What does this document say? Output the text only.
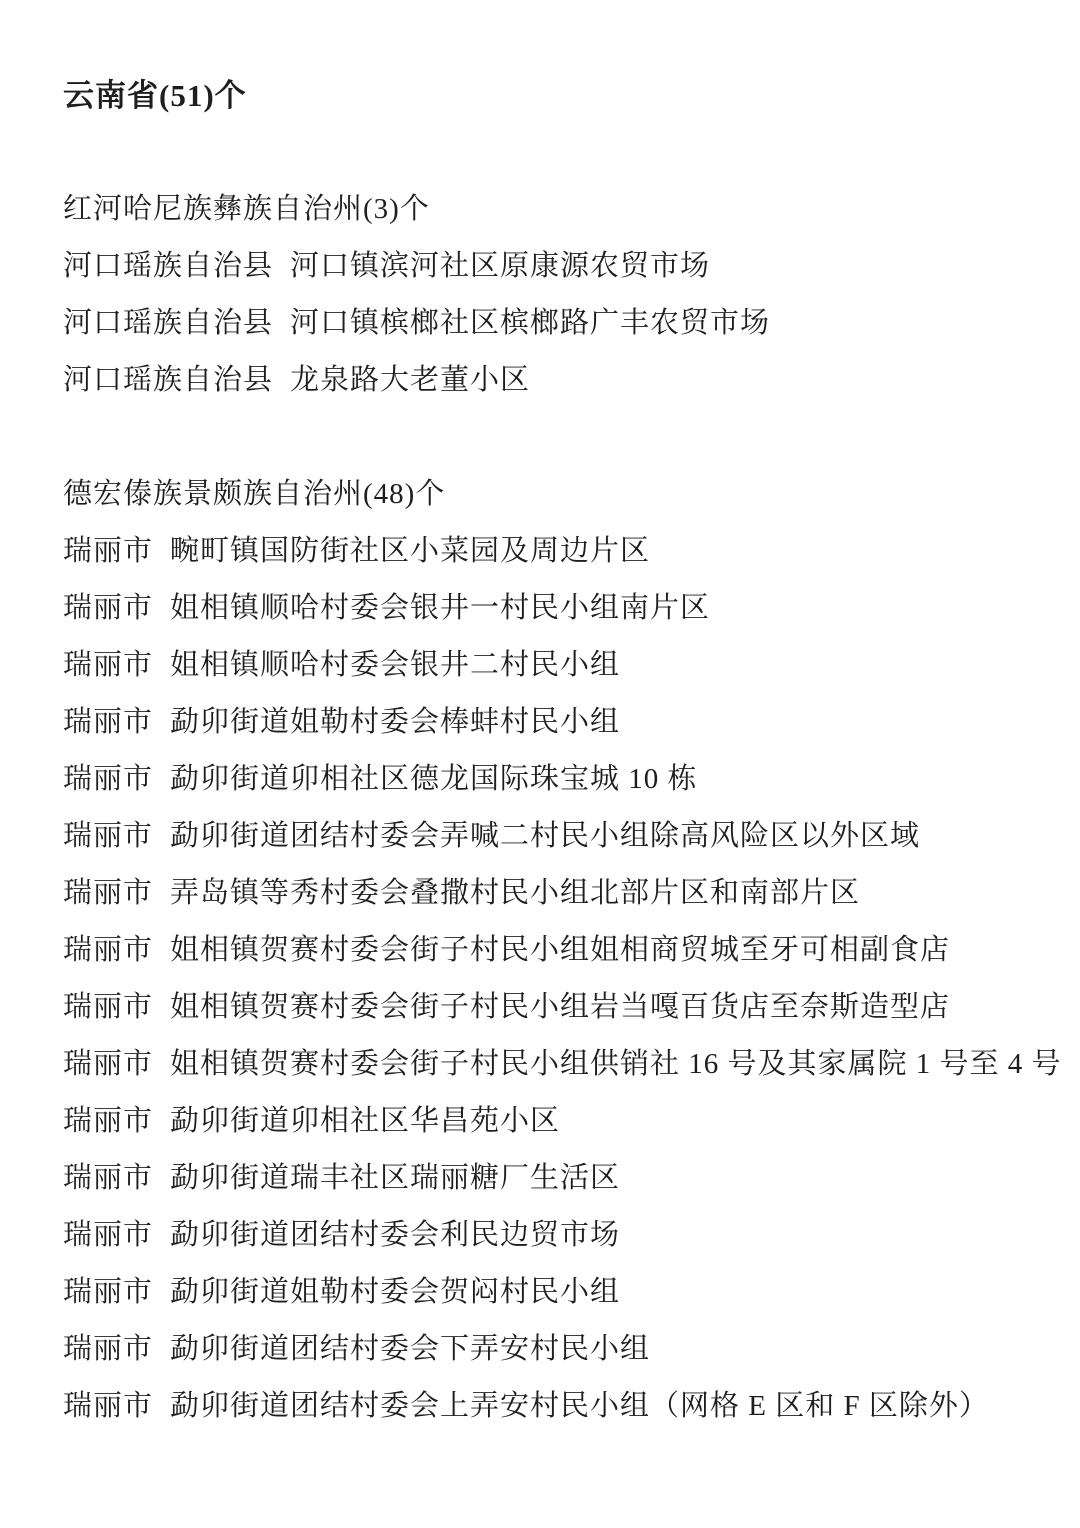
云南省(51)个
红河哈尼族彝族自治州(3)个
河口瑶族自治县 河口镇滨河社区原康源农贸市场
河口瑶族自治县 河口镇槟榔社区槟榔路广丰农贸市场
河口瑶族自治县 龙泉路大老董小区
德宏傣族景颇族自治州(48)个
瑞丽市 畹町镇国防街社区小菜园及周边片区
瑞丽市 姐相镇顺哈村委会银井一村民小组南片区
瑞丽市 姐相镇顺哈村委会银井二村民小组
瑞丽市 勐卯街道姐勒村委会棒蚌村民小组
瑞丽市 勐卯街道卯相社区德龙国际珠宝城 10 栋
瑞丽市 勐卯街道团结村委会弄喊二村民小组除高风险区以外区域
瑞丽市 弄岛镇等秀村委会叠撒村民小组北部片区和南部片区
瑞丽市 姐相镇贺赛村委会街子村民小组姐相商贸城至牙可相副食店
瑞丽市 姐相镇贺赛村委会街子村民小组岩当嘎百货店至奈斯造型店
瑞丽市 姐相镇贺赛村委会街子村民小组供销社 16 号及其家属院 1 号至 4 号
瑞丽市 勐卯街道卯相社区华昌苑小区
瑞丽市 勐卯街道瑞丰社区瑞丽糖厂生活区
瑞丽市 勐卯街道团结村委会利民边贸市场
瑞丽市 勐卯街道姐勒村委会贺闷村民小组
瑞丽市 勐卯街道团结村委会下弄安村民小组
瑞丽市 勐卯街道团结村委会上弄安村民小组（网格 E 区和 F 区除外）
